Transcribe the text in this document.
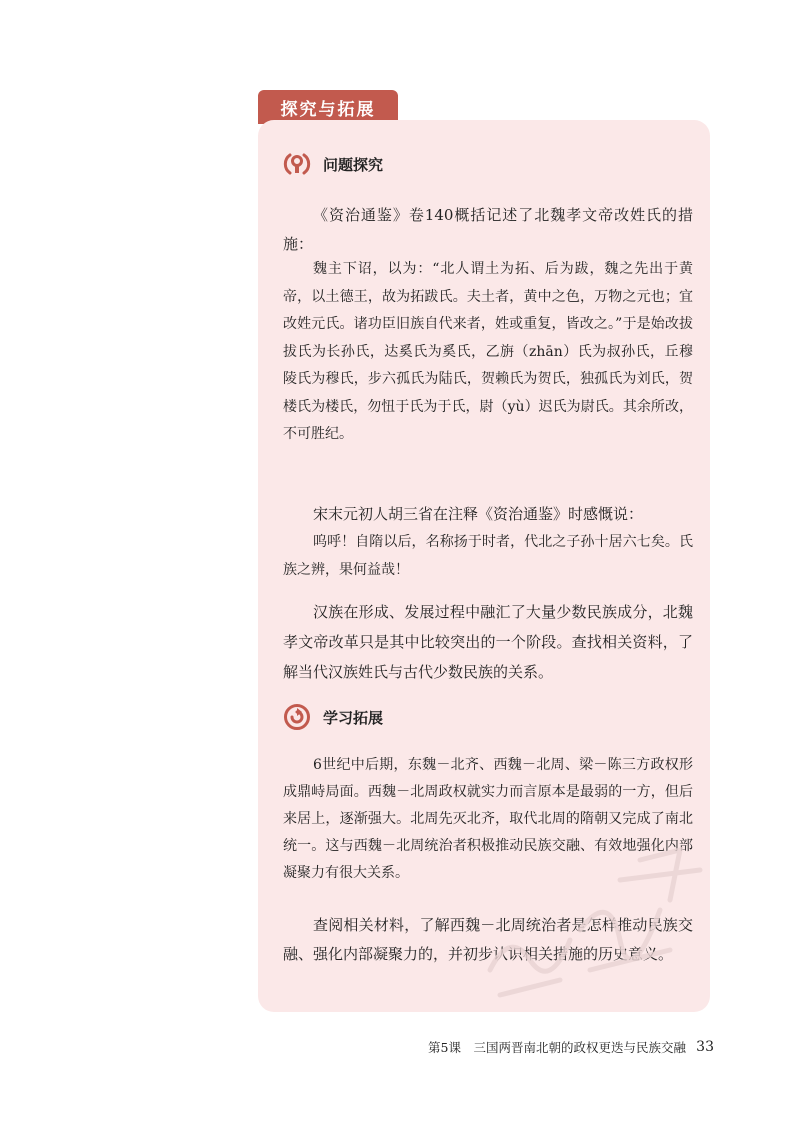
探究与拓展
问题探究
《资治通鉴》卷140概括记述了北魏孝文帝改姓氏的措施：
魏主下诏，以为：“北人谓土为拓、后为跋，魏之先出于黄帝，以土德王，故为拓跋氏。夫土者，黄中之色，万物之元也；宜改姓元氏。诸功臣旧族自代来者，姓或重复，皆改之。”于是始改拔拔氏为长孙氏，达奚氏为奚氏，乙旃（zhān）氏为叔孙氏，丘穆陵氏为穆氏，步六孤氏为陆氏，贺赖氏为贺氏，独孤氏为刘氏，贺楼氏为楼氏，勿忸于氏为于氏，尉（yù）迟氏为尉氏。其余所改，不可胜纪。
宋末元初人胡三省在注释《资治通鉴》时感慨说：
呜呼！自隋以后，名称扬于时者，代北之子孙十居六七矣。氏族之辨，果何益哉！
汉族在形成、发展过程中融汇了大量少数民族成分，北魏孝文帝改革只是其中比较突出的一个阶段。查找相关资料，了解当代汉族姓氏与古代少数民族的关系。
学习拓展
6世纪中后期，东魏－北齐、西魏－北周、梁－陈三方政权形成鼎峙局面。西魏－北周政权就实力而言原本是最弱的一方，但后来居上，逐渐强大。北周先灭北齐，取代北周的隋朝又完成了南北统一。这与西魏－北周统治者积极推动民族交融、有效地强化内部凝聚力有很大关系。
查阅相关材料，了解西魏－北周统治者是怎样推动民族交融、强化内部凝聚力的，并初步认识相关措施的历史意义。
第5课　三国两晋南北朝的政权更迭与民族交融 33
